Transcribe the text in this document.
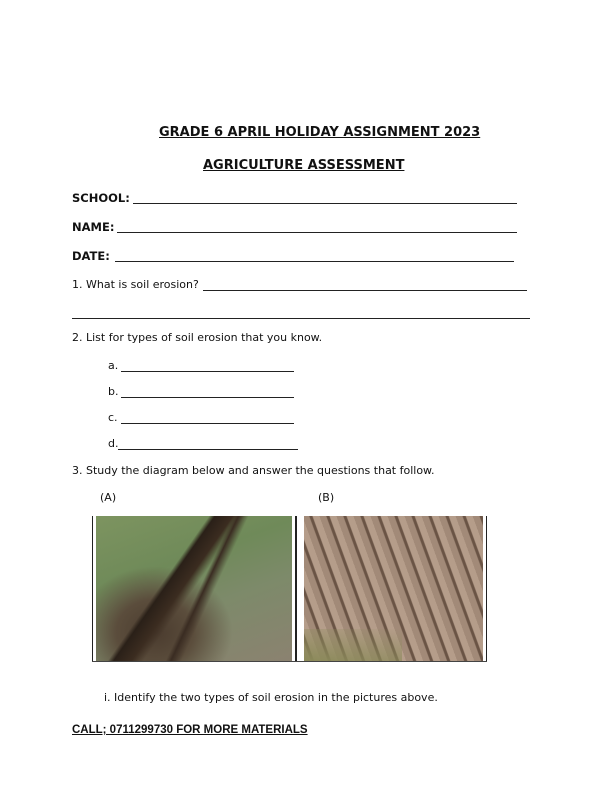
GRADE 6 APRIL HOLIDAY ASSIGNMENT 2023
AGRICULTURE ASSESSMENT
SCHOOL:
NAME:
DATE:
1. What is soil erosion?
2. List for types of soil erosion that you know.
a.
b.
c.
d.
3. Study the diagram below and answer the questions that follow.
(A)	(B)
i. Identify the two types of soil erosion in the pictures above.
CALL; 0711299730 FOR MORE MATERIALS
